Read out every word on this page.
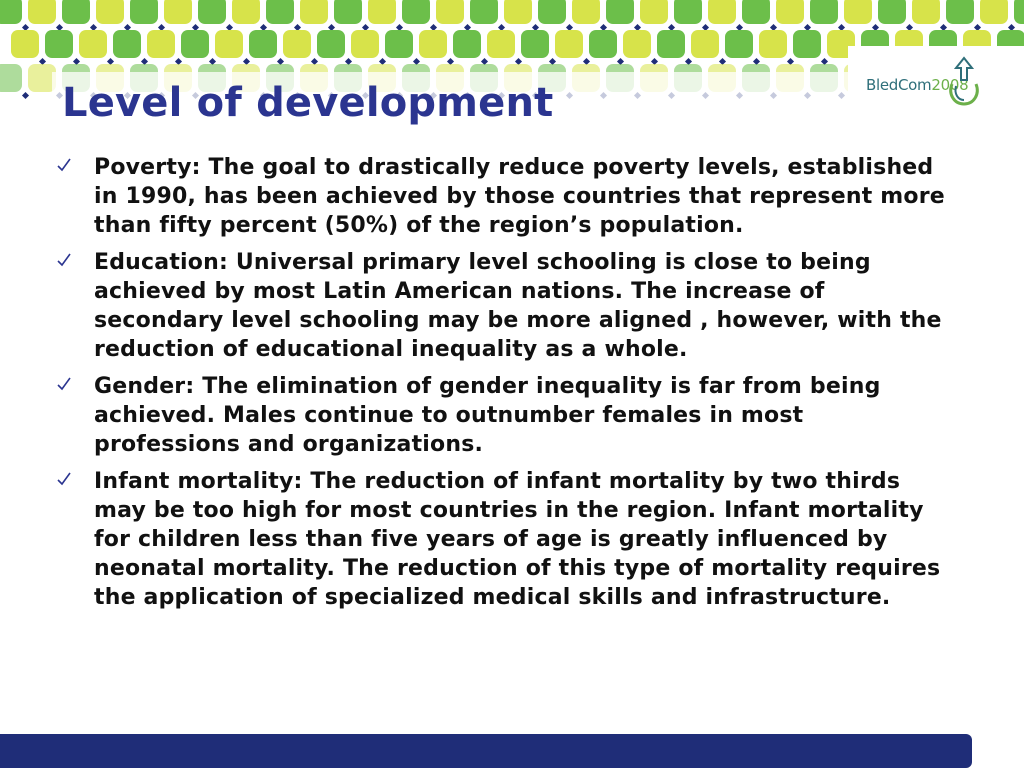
BledCom2008
Level of development
Poverty: The goal to drastically reduce poverty levels, established in 1990, has been achieved by those countries that represent more than fifty percent (50%) of the region’s population.
Education: Universal primary level schooling is close to being achieved by most Latin American nations. The increase of secondary level schooling may be more aligned , however, with the reduction of educational inequality as a whole.
Gender: The elimination of gender inequality is far from being achieved. Males continue to outnumber females in most professions and organizations.
Infant mortality: The reduction of infant mortality by two thirds may be too high for most countries in the region. Infant mortality for children less than five years of age is greatly influenced by neonatal mortality. The reduction of this type of mortality requires the application of specialized medical skills and infrastructure.
